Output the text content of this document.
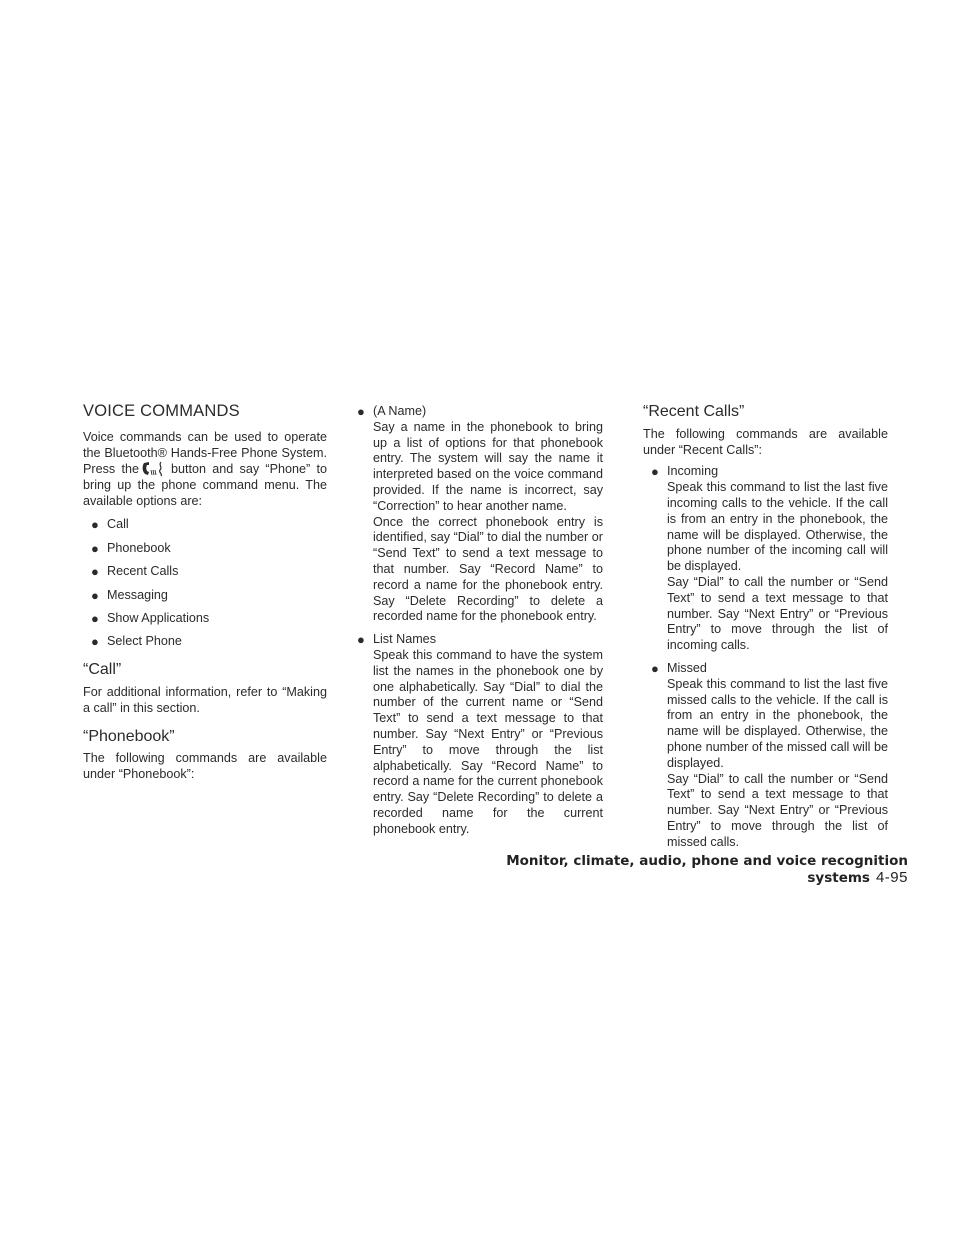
VOICE COMMANDS

Voice commands can be used to operate the Bluetooth® Hands-Free Phone System. Press the	button and say “Phone” to bring up the phone command menu. The available options are:

● Call
● Phonebook
● Recent Calls
● Messaging
● Show Applications
● Select Phone
“Call”

For additional information, refer to “Making a call” in this section.

“Phonebook”

The following commands are available under “Phonebook”:

● (A Name)
Say a name in the phonebook to bring up a list of options for that phonebook entry. The system will say the name it interpreted based on the voice command provided. If the name is incorrect, say “Correction” to hear another name.
Once the correct phonebook entry is identified, say “Dial” to dial the number or “Send Text” to send a text message to that number. Say “Record Name” to record a name for the phonebook entry. Say “Delete Recording” to delete a recorded name for the phonebook entry.
● List Names
Speak this command to have the system list the names in the phonebook one by one alphabetically. Say “Dial” to dial the number of the current name or “Send Text” to send a text message to that number. Say “Next Entry” or “Previous Entry” to move through the list alphabetically. Say “Record Name” to record a name for the current phonebook entry. Say “Delete Recording” to delete a recorded name for the current phonebook entry.
“Recent Calls”

The following commands are available under “Recent Calls”:

● Incoming
Speak this command to list the last five incoming calls to the vehicle. If the call is from an entry in the phonebook, the name will be displayed. Otherwise, the phone number of the incoming call will be displayed.
Say “Dial” to call the number or “Send Text” to send a text message to that number. Say “Next Entry” or “Previous Entry” to move through the list of incoming calls.
● Missed
Speak this command to list the last five missed calls to the vehicle. If the call is from an entry in the phonebook, the name will be displayed. Otherwise, the phone number of the missed call will be displayed.
Say “Dial” to call the number or “Send Text” to send a text message to that number. Say “Next Entry” or “Previous Entry” to move through the list of missed calls.
Monitor, climate, audio, phone and voice recognition systems 4-95
